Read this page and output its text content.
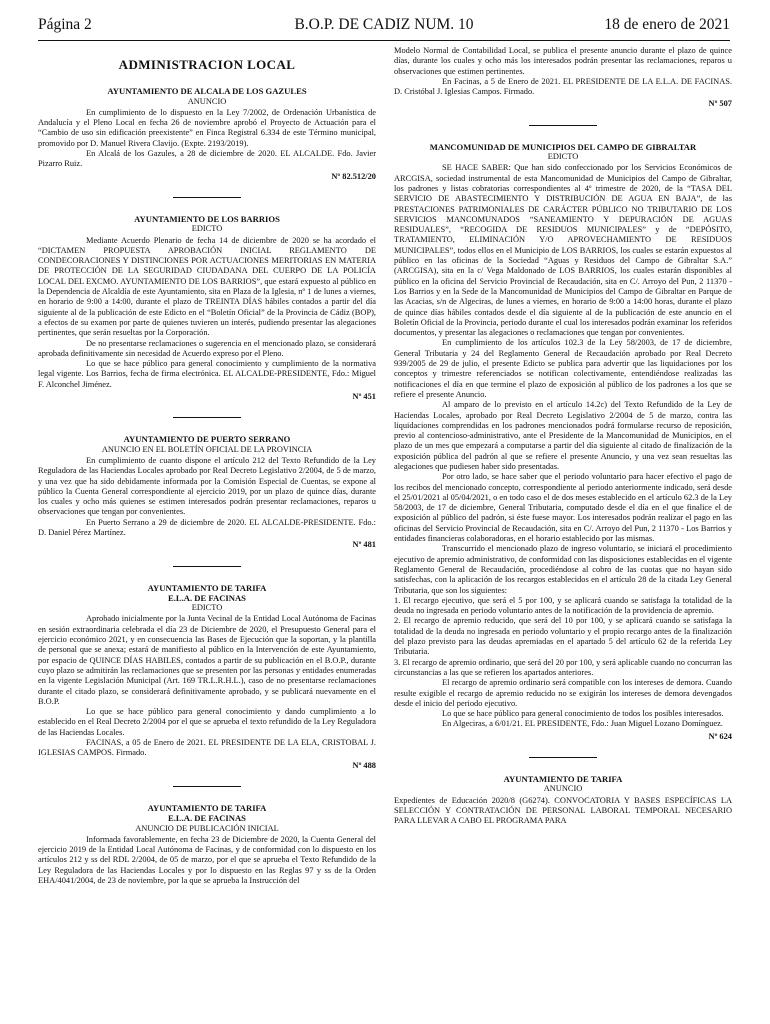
Página 2	B.O.P. DE CADIZ NUM. 10	18 de enero de 2021
ADMINISTRACION LOCAL
AYUNTAMIENTO DE ALCALA DE LOS GAZULES
ANUNCIO

En cumplimiento de lo dispuesto en la Ley 7/2002, de Ordenación Urbanística de Andalucía y el Pleno Local en fecha 26 de noviembre aprobó el Proyecto de Actuación para el “Cambio de uso sin edificación preexistente” en Finca Registral 6.334 de este Término municipal, promovido por D. Manuel Rivera Clavijo. (Expte. 2193/2019).

En Alcalá de los Gazules, a 28 de diciembre de 2020. EL ALCALDE. Fdo. Javier Pizarro Ruiz.

Nº 82.512/20
AYUNTAMIENTO DE LOS BARRIOS
EDICTO

Mediante Acuerdo Plenario de fecha 14 de diciembre de 2020 se ha acordado el “DICTAMEN PROPUESTA APROBACIÓN INICIAL REGLAMENTO DE CONDECORACIONES Y DISTINCIONES POR ACTUACIONES MERITORIAS EN MATERIA DE PROTECCIÓN DE LA SEGURIDAD CIUDADANA DEL CUERPO DE LA POLICÍA LOCAL DEL EXCMO. AYUNTAMIENTO DE LOS BARRIOS”, que estará expuesto al público en la Dependencia de Alcaldía de este Ayuntamiento, sita en Plaza de la Iglesia, nº 1 de lunes a viernes, en horario de 9:00 a 14:00, durante el plazo de TREINTA DÍAS hábiles contados a partir del día siguiente al de la publicación de este Edicto en el “Boletín Oficial” de la Provincia de Cádiz (BOP), a efectos de su examen por parte de quienes tuvieren un interés, pudiendo presentar las alegaciones pertinentes, que serán resueltas por la Corporación.

De no presentarse reclamaciones o sugerencia en el mencionado plazo, se considerará aprobada definitivamente sin necesidad de Acuerdo expreso por el Pleno.

Lo que se hace público para general conocimiento y cumplimiento de la normativa legal vigente. Los Barrios, fecha de firma electrónica. EL ALCALDE-PRESIDENTE, Fdo.: Miguel F. Alconchel Jiménez.

Nº 451
AYUNTAMIENTO DE PUERTO SERRANO
ANUNCIO EN EL BOLETÍN OFICIAL DE LA PROVINCIA

En cumplimiento de cuanto dispone el artículo 212 del Texto Refundido de la Ley Reguladora de las Haciendas Locales aprobado por Real Decreto Legislativo 2/2004, de 5 de marzo, y una vez que ha sido debidamente informada por la Comisión Especial de Cuentas, se expone al público la Cuenta General correspondiente al ejercicio 2019, por un plazo de quince días, durante los cuales y ocho más quienes se estimen interesados podrán presentar reclamaciones, reparos u observaciones que tengan por convenientes.

En Puerto Serrano a 29 de diciembre de 2020. EL ALCALDE-PRESIDENTE. Fdo.: D. Daniel Pérez Martínez.

Nº 481
AYUNTAMIENTO DE TARIFA
E.L.A. DE FACINAS
EDICTO

Aprobado inicialmente por la Junta Vecinal de la Entidad Local Autónoma de Facinas en sesión extraordinaria celebrada el día 23 de Diciembre de 2020, el Presupuesto General para el ejercicio económico 2021, y en consecuencia las Bases de Ejecución que la soportan, y la plantilla de personal que se anexa; estará de manifiesto al público en la Intervención de este Ayuntamiento, por espacio de QUINCE DÍAS HABILES, contados a partir de su publicación en el B.O.P., durante cuyo plazo se admitirán las reclamaciones que se presenten por las personas y entidades enumeradas en la vigente Legislación Municipal (Art. 169 TR.L.R.H.L.), caso de no presentarse reclamaciones durante el citado plazo, se considerará definitivamente aprobado, y se publicará nuevamente en el B.O.P.

Lo que se hace público para general conocimiento y dando cumplimiento a lo establecido en el Real Decreto 2/2004 por el que se aprueba el texto refundido de la Ley Reguladora de las Haciendas Locales.

FACINAS, a 05 de Enero de 2021. EL PRESIDENTE DE LA ELA, CRISTOBAL J. IGLESIAS CAMPOS. Firmado.

Nº 488
AYUNTAMIENTO DE TARIFA
E.L.A. DE FACINAS
ANUNCIO DE PUBLICACIÓN INICIAL

Informada favorablemente, en fecha 23 de Diciembre de 2020, la Cuenta General del ejercicio 2019 de la Entidad Local Autónoma de Facinas, y de conformidad con lo dispuesto en los artículos 212 y ss del RDL 2/2004, de 05 de marzo, por el que se aprueba el Texto Refundido de la Ley Reguladora de las Haciendas Locales y por lo dispuesto en las Reglas 97 y ss de la Orden EHA/4041/2004, de 23 de noviembre, por la que se aprueba la Instrucción del

Modelo Normal de Contabilidad Local, se publica el presente anuncio durante el plazo de quince días, durante los cuales y ocho más los interesados podrán presentar las reclamaciones, reparos u observaciones que estimen pertinentes.

En Facinas, a 5 de Enero de 2021. EL PRESIDENTE DE LA E.L.A. DE FACINAS. D. Cristóbal J. Iglesias Campos. Firmado.

Nº 507
MANCOMUNIDAD DE MUNICIPIOS DEL CAMPO DE GIBRALTAR
EDICTO

SE HACE SABER: Que han sido confeccionado por los Servicios Económicos de ARCGISA, sociedad instrumental de esta Mancomunidad de Municipios del Campo de Gibraltar, los padrones y listas cobratorias correspondientes al 4º trimestre de 2020, de la “TASA DEL SERVICIO DE ABASTECIMIENTO Y DISTRIBUCIÓN DE AGUA EN BAJA”, de las PRESTACIONES PATRIMONIALES DE CARÁCTER PÚBLICO NO TRIBUTARIO DE LOS SERVICIOS MANCOMUNADOS “SANEAMIENTO Y DEPURACIÓN DE AGUAS RESIDUALES”, “RECOGIDA DE RESIDUOS MUNICIPALES” y de “DEPÓSITO, TRATAMIENTO, ELIMINACIÓN Y/O APROVECHAMIENTO DE RESIDUOS MUNICIPALES”, todos ellos en el Municipio de LOS BARRIOS, los cuales se estarán expuestos al público en las oficinas de la Sociedad “Aguas y Residuos del Campo de Gibraltar S.A.” (ARCGISA), sita en la c/ Vega Maldonado de LOS BARRIOS, los cuales estarán disponibles al público en la oficina del Servicio Provincial de Recaudación, sita en C/. Arroyo del Pun, 2 11370 - Los Barrios y en la Sede de la Mancomunidad de Municipios del Campo de Gibraltar en Parque de las Acacias, s/n de Algeciras, de lunes a viernes, en horario de 9:00 a 14:00 horas, durante el plazo de quince días hábiles contados desde el día siguiente al de la publicación de este anuncio en el Boletín Oficial de la Provincia, periodo durante el cual los interesados podrán examinar los referidos documentos, y presentar las alegaciones o reclamaciones que tengan por convenientes.

En cumplimiento de los artículos 102.3 de la Ley 58/2003, de 17 de diciembre, General Tributaria y 24 del Reglamento General de Recaudación aprobado por Real Decreto 939/2005 de 29 de julio, el presente Edicto se publica para advertir que las liquidaciones por los conceptos y trimestre referenciados se notifican colectivamente, entendiéndose realizadas las notificaciones el día en que termine el plazo de exposición al público de los padrones a los que se refiere el presente Anuncio.

Al amparo de lo previsto en el artículo 14.2c) del Texto Refundido de la Ley de Haciendas Locales, aprobado por Real Decreto Legislativo 2/2004 de 5 de marzo, contra las liquidaciones comprendidas en los padrones mencionados podrá formularse recurso de reposición, previo al contencioso-administrativo, ante el Presidente de la Mancomunidad de Municipios, en el plazo de un mes que empezará a computarse a partir del día siguiente al citado de finalización de la exposición pública del padrón al que se refiere el presente Anuncio, y una vez sean resueltas las alegaciones que pudiesen haber sido presentadas.

Por otro lado, se hace saber que el periodo voluntario para hacer efectivo el pago de los recibos del mencionado concepto, correspondiente al periodo anteriormente indicado, será desde el 25/01/2021 al 05/04/2021, o en todo caso el de dos meses establecido en el artículo 62.3 de la Ley 58/2003, de 17 de diciembre, General Tributaria, computado desde el día en el que finalice el de exposición al público del padrón, si éste fuese mayor. Los interesados podrán realizar el pago en las oficinas del Servicio Provincial de Recaudación, sita en C/. Arroyo del Pun, 2 11370 - Los Barrios y entidades financieras colaboradoras, en el horario establecido por las mismas.

Transcurrido el mencionado plazo de ingreso voluntario, se iniciará el procedimiento ejecutivo de apremio administrativo, de conformidad con las disposiciones establecidas en el vigente Reglamento General de Recaudación, procediéndose al cobro de las cuotas que no hayan sido satisfechas, con la aplicación de los recargos establecidos en el artículo 28 de la citada Ley General Tributaria, que son los siguientes:

1. El recargo ejecutivo, que será el 5 por 100, y se aplicará cuando se satisfaga la totalidad de la deuda no ingresada en periodo voluntario antes de la notificación de la providencia de apremio.

2. El recargo de apremio reducido, que será del 10 por 100, y se aplicará cuando se satisfaga la totalidad de la deuda no ingresada en periodo voluntario y el propio recargo antes de la finalización del plazo previsto para las deudas apremiadas en el apartado 5 del artículo 62 de la referida Ley Tributaria.

3. El recargo de apremio ordinario, que será del 20 por 100, y será aplicable cuando no concurran las circunstancias a las que se refieren los apartados anteriores.

El recargo de apremio ordinario será compatible con los intereses de demora. Cuando resulte exigible el recargo de apremio reducido no se exigirán los intereses de demora devengados desde el inicio del periodo ejecutivo.

Lo que se hace público para general conocimiento de todos los posibles interesados.

En Algeciras, a 6/01/21. EL PRESIDENTE, Fdo.: Juan Miguel Lozano Domínguez.

Nº 624
AYUNTAMIENTO DE TARIFA
ANUNCIO

Expedientes de Educación 2020/8 (G6274). CONVOCATORIA Y BASES ESPECÍFICAS LA SELECCIÓN Y CONTRATACIÓN DE PERSONAL LABORAL TEMPORAL NECESARIO PARA LLEVAR A CABO EL PROGRAMA PARA
